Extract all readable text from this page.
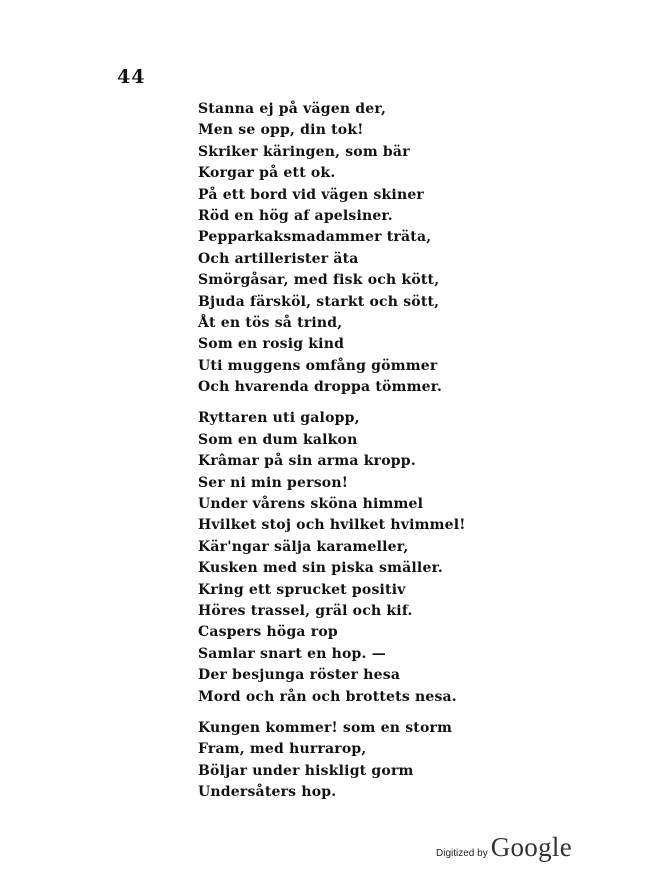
44
Stanna ej på vägen der,
Men se opp, din tok!
Skriker käringen, som bär
Korgar på ett ok.
På ett bord vid vägen skiner
Röd en hög af apelsiner.
Pepparkaksmadammer träta,
Och artillerister äta
Smörgåsar, med fisk och kött,
Bjuda färsköl, starkt och sött,
Åt en tös så trind,
Som en rosig kind
Uti muggens omfång gömmer
Och hvarenda droppa tömmer.
Ryttaren uti galopp,
Som en dum kalkon
Krâmar på sin arma kropp.
Ser ni min person!
Under vårens sköna himmel
Hvilket stoj och hvilket hvimmel!
Kär'ngar sälja karameller,
Kusken med sin piska smäller.
Kring ett sprucket positiv
Höres trassel, gräl och kif.
Caspers höga rop
Samlar snart en hop. —
Der besjunga röster hesa
Mord och rån och brottets nesa.
Kungen kommer! som en storm
Fram, med hurrarop,
Böljar under hiskligt gorm
Undersåters hop.
Digitized by Google
